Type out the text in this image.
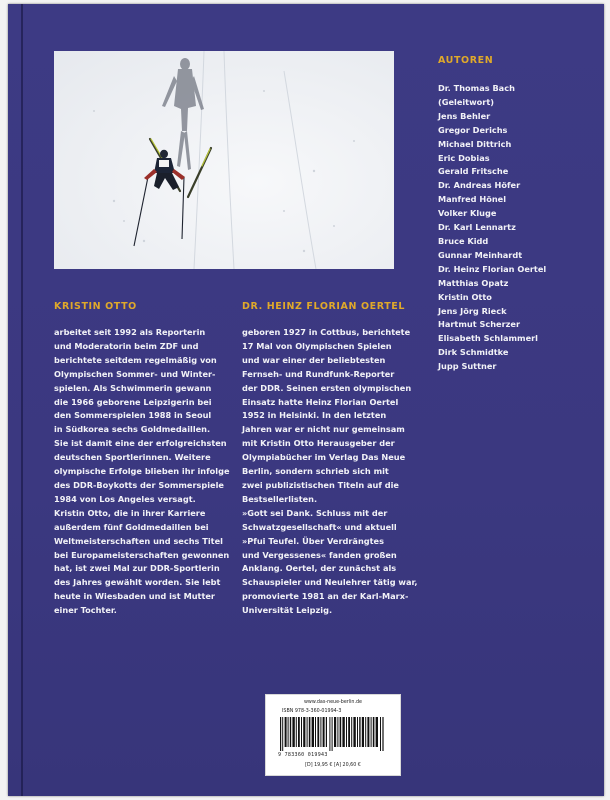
AUTOREN
Dr. Thomas Bach
(Geleitwort)
Jens Behler
Gregor Derichs
Michael Dittrich
Eric Dobias
Gerald Fritsche
Dr. Andreas Höfer
Manfred Hönel
Volker Kluge
Dr. Karl Lennartz
Bruce Kidd
Gunnar Meinhardt
Dr. Heinz Florian Oertel
Matthias Opatz
Kristin Otto
Jens Jörg Rieck
Hartmut Scherzer
Elisabeth Schlammerl
Dirk Schmidtke
Jupp Suttner
KRISTIN OTTO
arbeitet seit 1992 als Reporterin
und Moderatorin beim ZDF und
berichtete seitdem regelmäßig von
Olympischen Sommer- und Winter-
spielen. Als Schwimmerin gewann
die 1966 geborene Leipzigerin bei
den Sommerspielen 1988 in Seoul
in Südkorea sechs Goldmedaillen.
Sie ist damit eine der erfolgreichsten
deutschen Sportlerinnen. Weitere
olympische Erfolge blieben ihr infolge
des DDR-Boykotts der Sommerspiele
1984 von Los Angeles versagt.
Kristin Otto, die in ihrer Karriere
außerdem fünf Goldmedaillen bei
Weltmeisterschaften und sechs Titel
bei Europameisterschaften gewonnen
hat, ist zwei Mal zur DDR-Sportlerin
des Jahres gewählt worden. Sie lebt
heute in Wiesbaden und ist Mutter
einer Tochter.
DR. HEINZ FLORIAN OERTEL
geboren 1927 in Cottbus, berichtete
17 Mal von Olympischen Spielen
und war einer der beliebtesten
Fernseh- und Rundfunk-Reporter
der DDR. Seinen ersten olympischen
Einsatz hatte Heinz Florian Oertel
1952 in Helsinki. In den letzten
Jahren war er nicht nur gemeinsam
mit Kristin Otto Herausgeber der
Olympiabücher im Verlag Das Neue
Berlin, sondern schrieb sich mit
zwei publizistischen Titeln auf die
Bestsellerlisten.
»Gott sei Dank. Schluss mit der
Schwatzgesellschaft« und aktuell
»Pfui Teufel. Über Verdrängtes
und Vergessenes« fanden großen
Anklang. Oertel, der zunächst als
Schauspieler und Neulehrer tätig war,
promovierte 1981 an der Karl-Marx-
Universität Leipzig.
www.das-neue-berlin.de
ISBN 978-3-360-01994-3
9 783360 019943
[D] 19,95 € [A] 20,60 €
